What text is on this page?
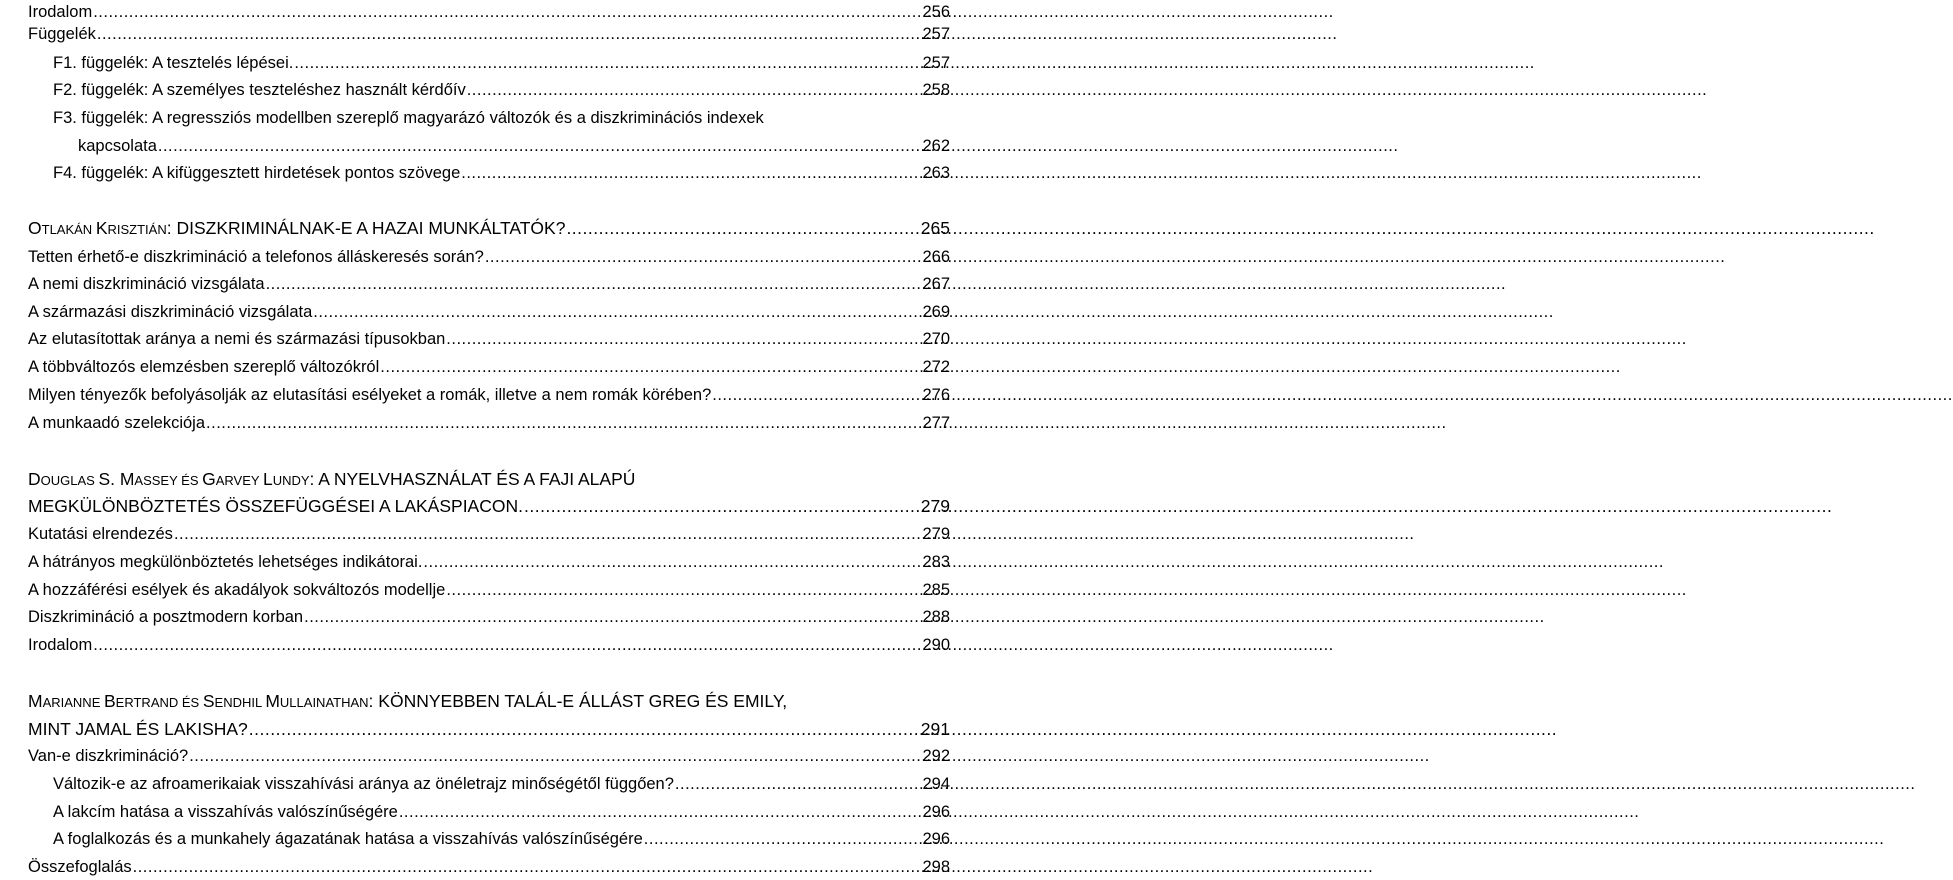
Irodalom .....	256
Függelék .....	257
F1. függelék: A tesztelés lépései. .....	257
F2. függelék: A személyes teszteléshez használt kérdőív .....	258
F3. függelék: A regressziós modellben szereplő magyarázó változók és a diszkriminációs indexek
kapcsolata .....	262
F4. függelék: A kifüggesztett hirdetések pontos szövege .....	263
OTLAKÁN KRISZTIÁN: DISZKRIMINÁLNAK-E A HAZAI MUNKÁLTATÓK? .....	265
Tetten érhető-e diszkrimináció a telefonos álláskeresés során? .....	266
A nemi diszkrimináció vizsgálata .....	267
A származási diszkrimináció vizsgálata .....	269
Az elutasítottak aránya a nemi és származási típusokban .....	270
A többváltozós elemzésben szereplő változókról .....	272
Milyen tényezők befolyásolják az elutasítási esélyeket a romák, illetve a nem romák körében? .....	276
A munkaadó szelekciója .....	277
DOUGLAS S. MASSEY ÉS GARVEY LUNDY: A NYELVHASZNÁLAT ÉS A FAJI ALAPÚ
MEGKÜLÖNBÖZTETÉS ÖSSZEFÜGGÉSEI A LAKÁSPIACON. .....	279
Kutatási elrendezés .....	279
A hátrányos megkülönböztetés lehetséges indikátorai. .....	283
A hozzáférési esélyek és akadályok sokváltozós modellje .....	285
Diszkrimináció a posztmodern korban .....	288
Irodalom .....	290
MARIANNE BERTRAND ÉS SENDHIL MULLAINATHAN: KÖNNYEBBEN TALÁL-E ÁLLÁST GREG ÉS EMILY,
MINT JAMAL ÉS LAKISHA? .....	291
Van-e diszkrimináció? .....	292
Változik-e az afroamerikaiak visszahívási aránya az önéletrajz minőségétől függően? .....	294
A lakcím hatása a visszahívás valószínűségére .....	296
A foglalkozás és a munkahely ágazatának hatása a visszahívás valószínűségére .....	296
Összefoglalás .....	298
